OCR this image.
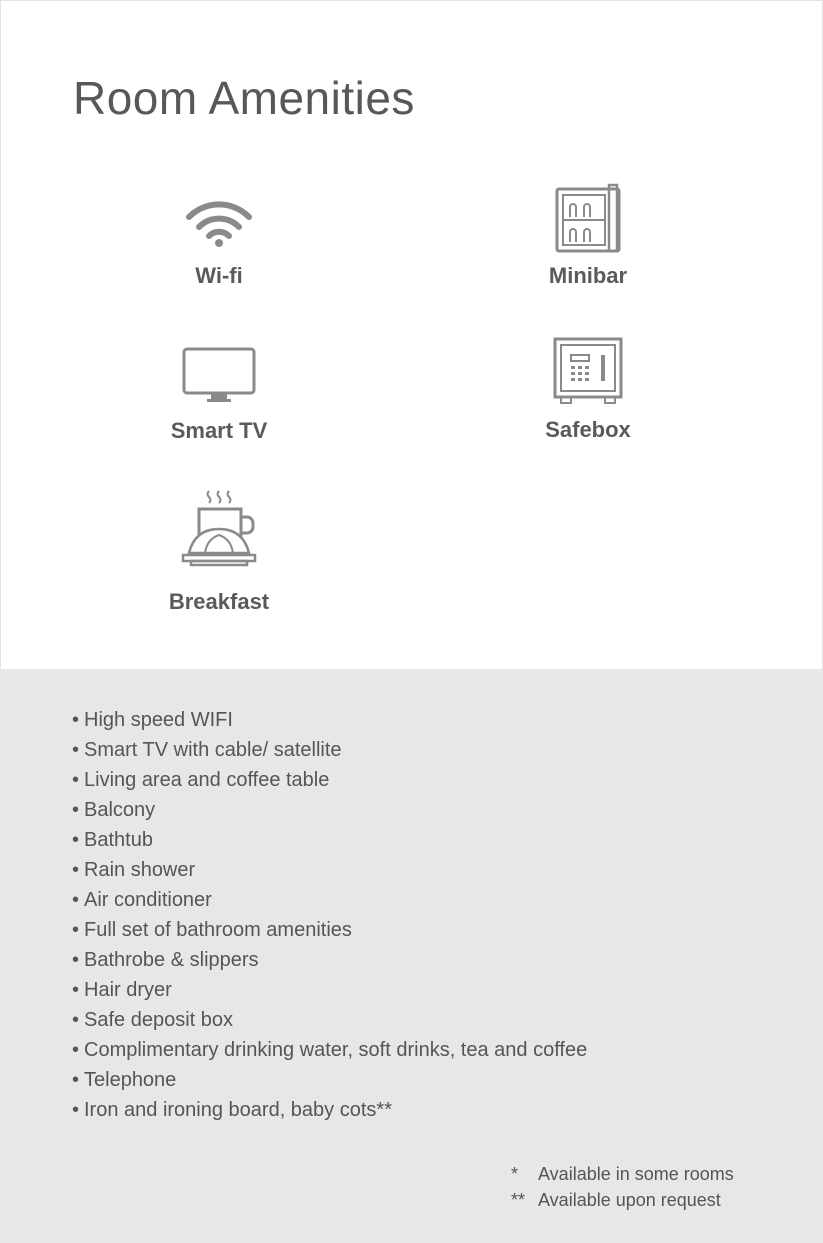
Room Amenities
Wi-fi	Minibar
Smart TV	Safebox
Breakfast
• High speed WIFI
• Smart TV with cable/ satellite
• Living area and coffee table
• Balcony
• Bathtub
• Rain shower
• Air conditioner
• Full set of bathroom amenities
• Bathrobe & slippers
• Hair dryer
• Safe deposit box
• Complimentary drinking water, soft drinks, tea and coffee
• Telephone
• Iron and ironing board, baby cots**
* Available in some rooms
** Available upon request
